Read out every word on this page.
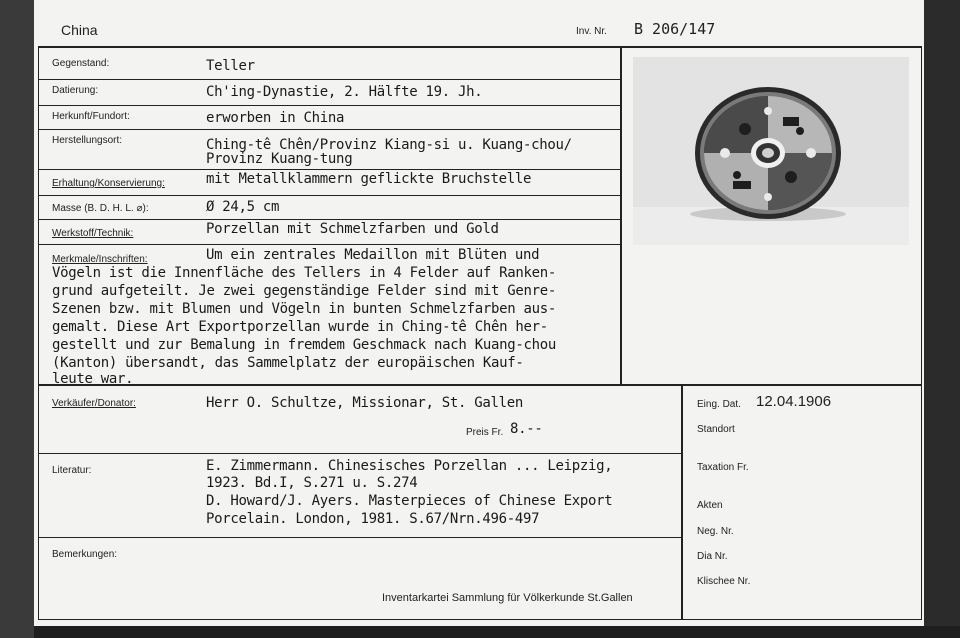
China	Inv. Nr. B 206/147
Gegenstand:	Teller
Datierung:	Ch'ing-Dynastie, 2. Hälfte 19. Jh.
Herkunft/Fundort:	erworben in China
Herstellungsort:	Ching-tê Chên/Provinz Kiang-si u. Kuang-chou/
Provinz Kuang-tung
Erhaltung/Konservierung:	mit Metallklammern geflickte Bruchstelle
Masse (B. D. H. L. ⌀):	Ø 24,5 cm
Werkstoff/Technik:	Porzellan mit Schmelzfarben und Gold
Merkmale/Inschriften:	Um ein zentrales Medaillon mit Blüten und
Vögeln ist die Innenfläche des Tellers in 4 Felder auf Ranken-
grund aufgeteilt. Je zwei gegenständige Felder sind mit Genre-
Szenen bzw. mit Blumen und Vögeln in bunten Schmelzfarben aus-
gemalt. Diese Art Exportporzellan wurde in Ching-tê Chên her-
gestellt und zur Bemalung in fremdem Geschmack nach Kuang-chou
(Kanton) übersandt, das Sammelplatz der europäischen Kauf-
leute war.
Verkäufer/Donator:	Herr O. Schultze, Missionar, St. Gallen
Preis Fr. 8.--
Literatur:	E. Zimmermann. Chinesisches Porzellan ... Leipzig,
1923. Bd.I, S.271 u. S.274
D. Howard/J. Ayers. Masterpieces of Chinese Export
Porcelain. London, 1981. S.67/Nrn.496-497
Bemerkungen:
Inventarkartei Sammlung für Völkerkunde St.Gallen
Eing. Dat. 12.04.1906
Standort
Taxation Fr.
Akten
Neg. Nr.
Dia Nr.
Klischee Nr.
